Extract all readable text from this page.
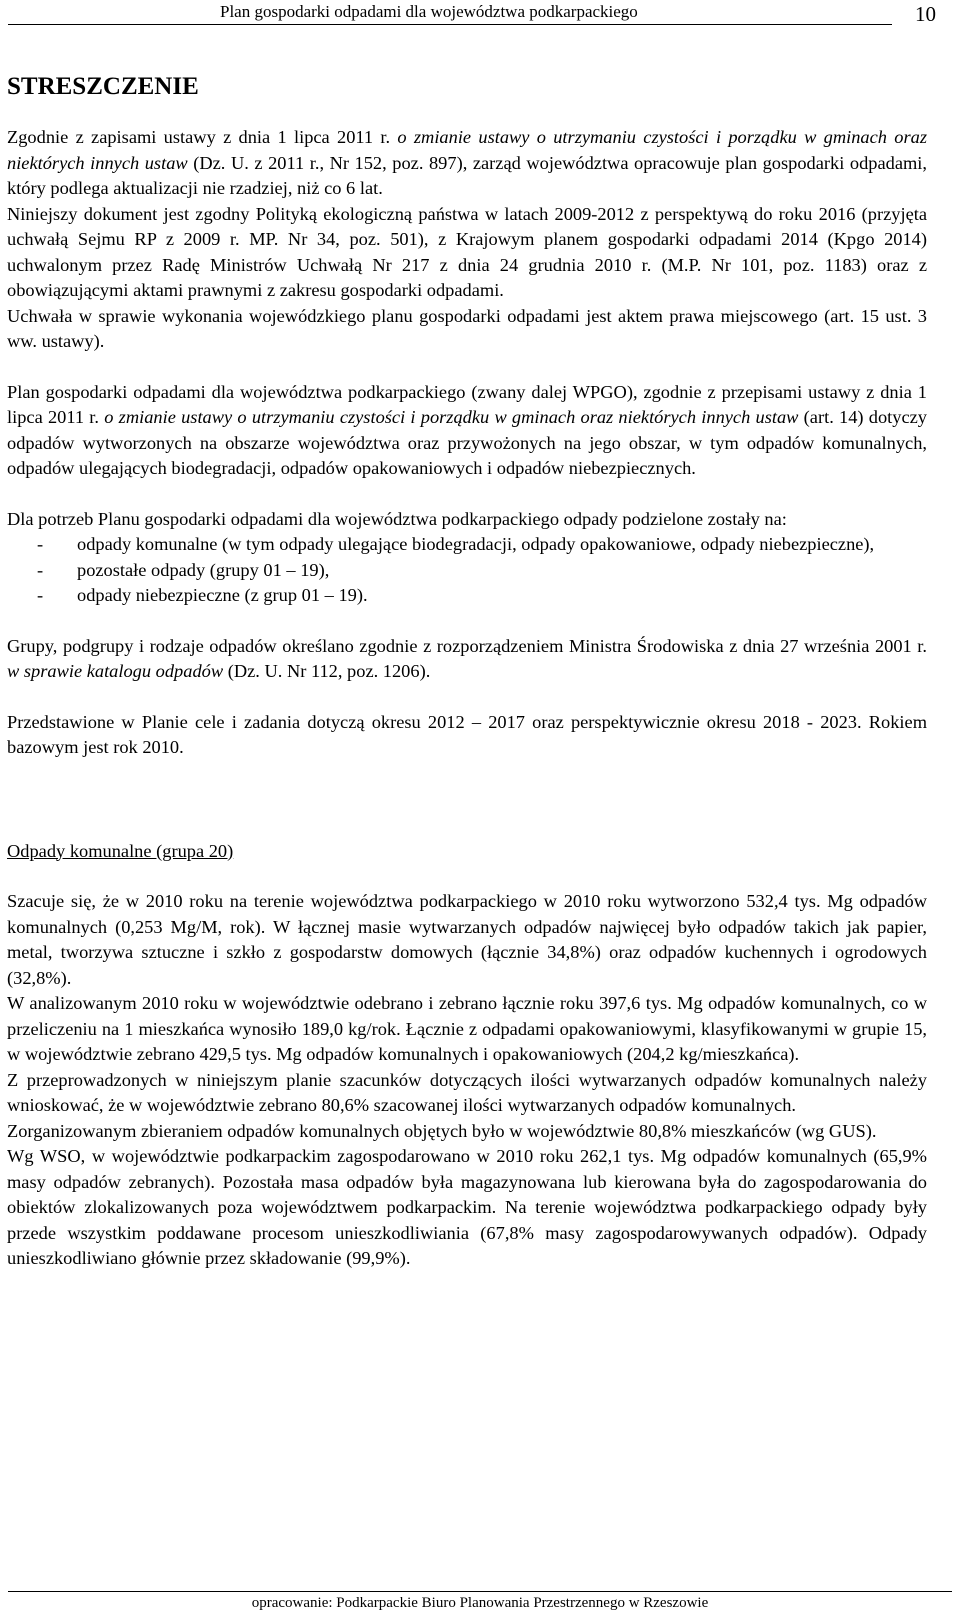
Plan gospodarki odpadami dla województwa podkarpackiego	10
STRESZCZENIE

Zgodnie z zapisami ustawy z dnia 1 lipca 2011 r. o zmianie ustawy o utrzymaniu czystości i porządku w gminach oraz niektórych innych ustaw (Dz. U. z 2011 r., Nr 152, poz. 897), zarząd województwa opracowuje plan gospodarki odpadami, który podlega aktualizacji nie rzadziej, niż co 6 lat.

Niniejszy dokument jest zgodny Polityką ekologiczną państwa w latach 2009-2012 z perspektywą do roku 2016 (przyjęta uchwałą Sejmu RP z 2009 r. MP. Nr 34, poz. 501), z Krajowym planem gospodarki odpadami 2014 (Kpgo 2014) uchwalonym przez Radę Ministrów Uchwałą Nr 217 z dnia 24 grudnia 2010 r. (M.P. Nr 101, poz. 1183) oraz z obowiązującymi aktami prawnymi z zakresu gospodarki odpadami.

Uchwała w sprawie wykonania wojewódzkiego planu gospodarki odpadami jest aktem prawa miejscowego (art. 15 ust. 3 ww. ustawy).

Plan gospodarki odpadami dla województwa podkarpackiego (zwany dalej WPGO), zgodnie z przepisami ustawy z dnia 1 lipca 2011 r. o zmianie ustawy o utrzymaniu czystości i porządku w gminach oraz niektórych innych ustaw (art. 14) dotyczy odpadów wytworzonych na obszarze województwa oraz przywożonych na jego obszar, w tym odpadów komunalnych, odpadów ulegających biodegradacji, odpadów opakowaniowych i odpadów niebezpiecznych.

Dla potrzeb Planu gospodarki odpadami dla województwa podkarpackiego odpady podzielone zostały na:

- odpady komunalne (w tym odpady ulegające biodegradacji, odpady opakowaniowe, odpady niebezpieczne),
- pozostałe odpady (grupy 01 – 19),
- odpady niebezpieczne (z grup 01 – 19).

Grupy, podgrupy i rodzaje odpadów określano zgodnie z rozporządzeniem Ministra Środowiska z dnia 27 września 2001 r. w sprawie katalogu odpadów (Dz. U. Nr 112, poz. 1206).

Przedstawione w Planie cele i zadania dotyczą okresu 2012 – 2017 oraz perspektywicznie okresu 2018 - 2023. Rokiem bazowym jest rok 2010.

Odpady komunalne (grupa 20)

Szacuje się, że w 2010 roku na terenie województwa podkarpackiego w 2010 roku wytworzono 532,4 tys. Mg odpadów komunalnych (0,253 Mg/M, rok). W łącznej masie wytwarzanych odpadów najwięcej było odpadów takich jak papier, metal, tworzywa sztuczne i szkło z gospodarstw domowych (łącznie 34,8%) oraz odpadów kuchennych i ogrodowych (32,8%).

W analizowanym 2010 roku w województwie odebrano i zebrano łącznie roku 397,6 tys. Mg odpadów komunalnych, co w przeliczeniu na 1 mieszkańca wynosiło 189,0 kg/rok. Łącznie z odpadami opakowaniowymi, klasyfikowanymi w grupie 15, w województwie zebrano 429,5 tys. Mg odpadów komunalnych i opakowaniowych (204,2 kg/mieszkańca).

Z przeprowadzonych w niniejszym planie szacunków dotyczących ilości wytwarzanych odpadów komunalnych należy wnioskować, że w województwie zebrano 80,6% szacowanej ilości wytwarzanych odpadów komunalnych.

Zorganizowanym zbieraniem odpadów komunalnych objętych było w województwie 80,8% mieszkańców (wg GUS).

Wg WSO, w województwie podkarpackim zagospodarowano w 2010 roku 262,1 tys. Mg odpadów komunalnych (65,9% masy odpadów zebranych). Pozostała masa odpadów była magazynowana lub kierowana była do zagospodarowania do obiektów zlokalizowanych poza województwem podkarpackim. Na terenie województwa podkarpackiego odpady były przede wszystkim poddawane procesom unieszkodliwiania (67,8% masy zagospodarowywanych odpadów). Odpady unieszkodliwiano głównie przez składowanie (99,9%).

opracowanie: Podkarpackie Biuro Planowania Przestrzennego w Rzeszowie
